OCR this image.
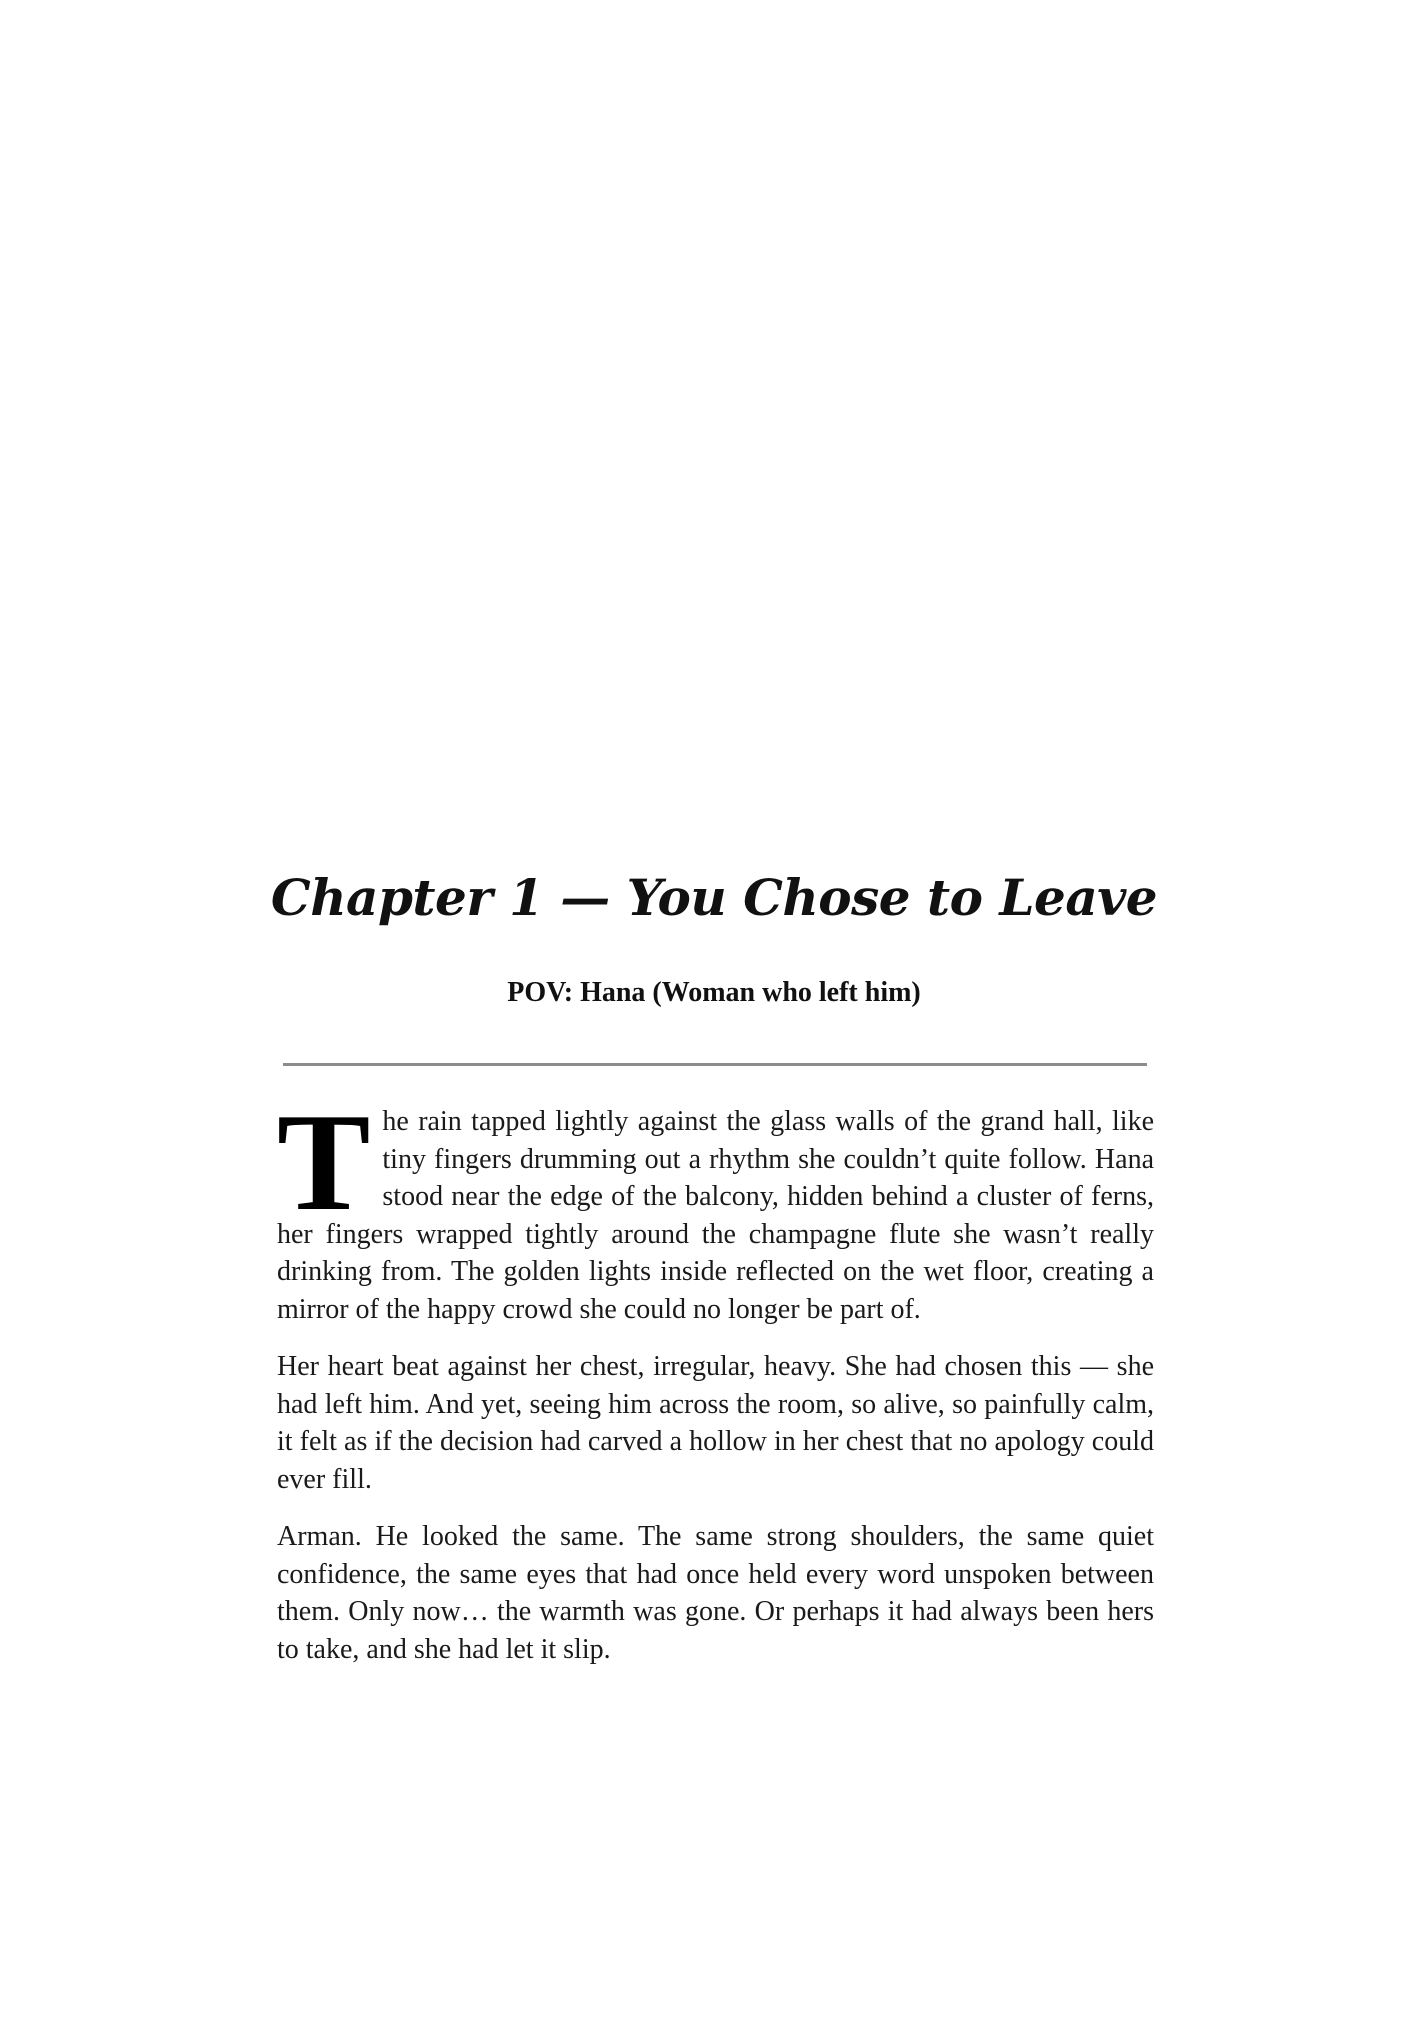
Chapter 1 — You Chose to Leave
POV: Hana (Woman who left him)

The rain tapped lightly against the glass walls of the grand hall, like tiny fingers drumming out a rhythm she couldn’t quite follow. Hana stood near the edge of the balcony, hidden behind a cluster of ferns, her fingers wrapped tightly around the champagne flute she wasn’t really drinking from. The golden lights inside reflected on the wet floor, creating a mirror of the happy crowd she could no longer be part of.

Her heart beat against her chest, irregular, heavy. She had chosen this — she had left him. And yet, seeing him across the room, so alive, so painfully calm, it felt as if the decision had carved a hollow in her chest that no apology could ever fill.

Arman. He looked the same. The same strong shoulders, the same quiet confidence, the same eyes that had once held every word unspoken between them. Only now… the warmth was gone. Or perhaps it had always been hers to take, and she had let it slip.
